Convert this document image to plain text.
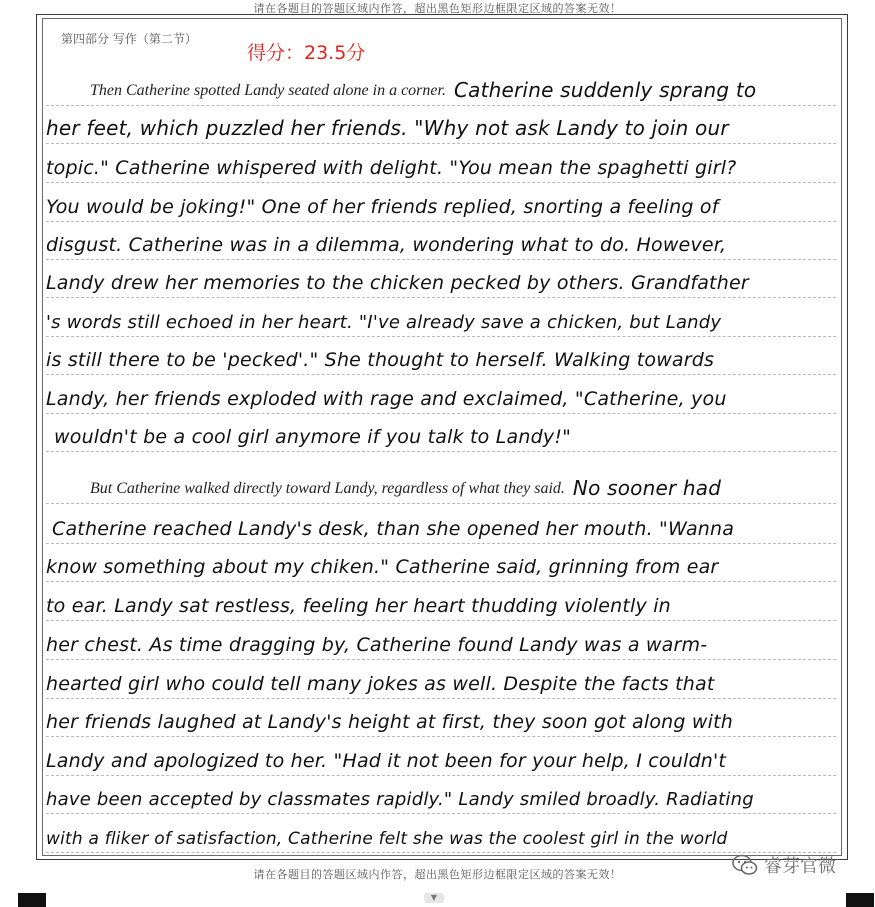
请在各题目的答题区域内作答，超出黑色矩形边框限定区域的答案无效！
第四部分 写作（第二节）
得分：23.5分
Then Catherine spotted Landy seated alone in a corner. Catherine suddenly sprang to
her feet, which puzzled her friends. "Why not ask Landy to join our
topic." Catherine whispered with delight. "You mean the spaghetti girl?
You would be joking!" One of her friends replied, snorting a feeling of
disgust. Catherine was in a dilemma, wondering what to do. However,
Landy drew her memories to the chicken pecked by others. Grandfather
's words still echoed in her heart. "I've already save a chicken, but Landy
is still there to be 'pecked'." She thought to herself. Walking towards
Landy, her friends exploded with rage and exclaimed, "Catherine, you
wouldn't be a cool girl anymore if you talk to Landy!"
But Catherine walked directly toward Landy, regardless of what they said. No sooner had
Catherine reached Landy's desk, than she opened her mouth. "Wanna
know something about my chiken." Catherine said, grinning from ear
to ear. Landy sat restless, feeling her heart thudding violently in
her chest. As time dragging by, Catherine found Landy was a warm-
hearted girl who could tell many jokes as well. Despite the facts that
her friends laughed at Landy's height at first, they soon got along with
Landy and apologized to her. "Had it not been for your help, I couldn't
have been accepted by classmates rapidly." Landy smiled broadly. Radiating
with a fliker of satisfaction, Catherine felt she was the coolest girl in the world
请在各题目的答题区域内作答，超出黑色矩形边框限定区域的答案无效！	睿芽官微
▼
